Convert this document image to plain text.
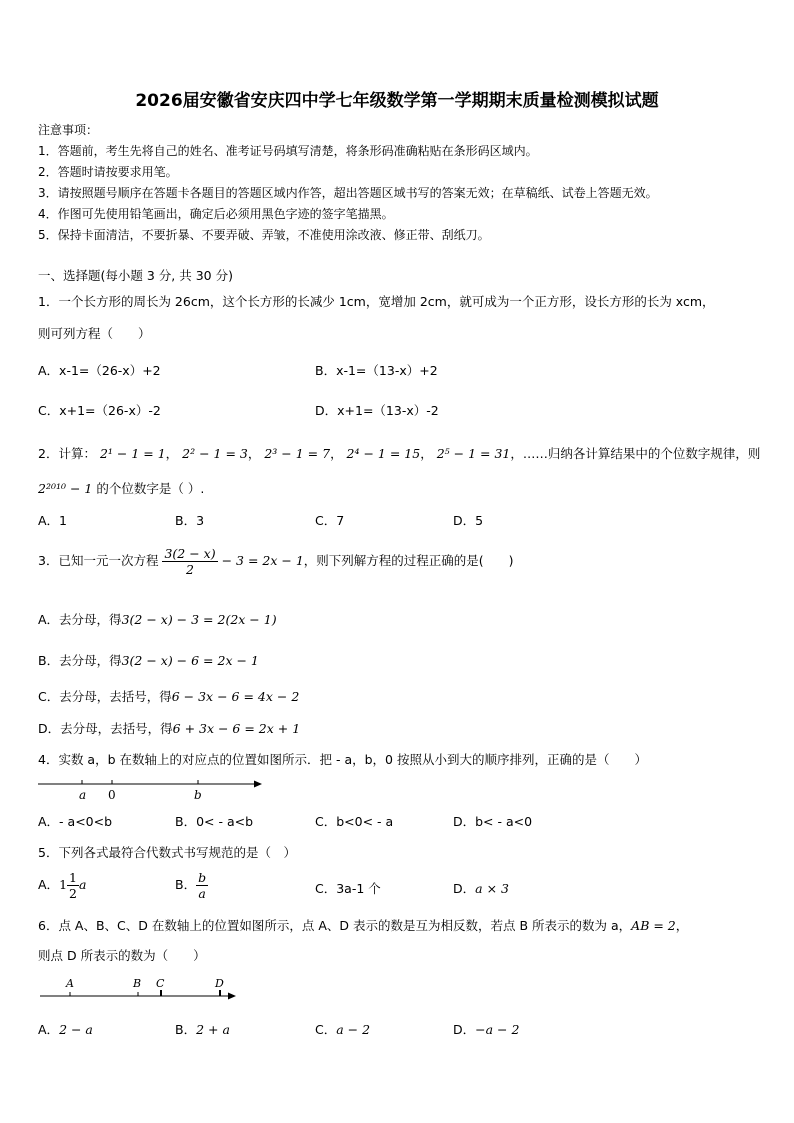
2026届安徽省安庆四中学七年级数学第一学期期末质量检测模拟试题
注意事项：
1．答题前，考生先将自己的姓名、准考证号码填写清楚，将条形码准确粘贴在条形码区域内。
2．答题时请按要求用笔。
3．请按照题号顺序在答题卡各题目的答题区域内作答，超出答题区域书写的答案无效；在草稿纸、试卷上答题无效。
4．作图可先使用铅笔画出，确定后必须用黑色字迹的签字笔描黑。
5．保持卡面清洁，不要折暴、不要弄破、弄皱，不准使用涂改液、修正带、刮纸刀。
一、选择题(每小题 3 分, 共 30 分)
1．一个长方形的周长为 26cm，这个长方形的长减少 1cm，宽增加 2cm，就可成为一个正方形，设长方形的长为 xcm，
则可列方程（　　）
A．x-1=（26-x）+2	B．x-1=（13-x）+2
C．x+1=（26-x）-2	D．x+1=（13-x）-2
2．计算： 2¹ − 1 = 1， 2² − 1 = 3， 2³ − 1 = 7， 2⁴ − 1 = 15， 2⁵ − 1 = 31，……归纳各计算结果中的个位数字规律，则
2²⁰¹⁰ − 1 的个位数字是（ ）.
A．1	B．3	C．7	D．5
3．已知一元一次方程 $\frac{3(2 - x)}{2} - 3 = 2x - 1$，则下列解方程的过程正确的是(　　)
A．去分母，得3(2 − x) − 3 = 2(2x − 1)
B．去分母，得3(2 − x) − 6 = 2x − 1
C．去分母，去括号，得6 − 3x − 6 = 4x − 2
D．去分母，去括号，得6 + 3x − 6 = 2x + 1
4．实数 a，b 在数轴上的对应点的位置如图所示．把 - a，b，0 按照从小到大的顺序排列，正确的是（　　）
a 0	b
A．- a<0<b	B．0< - a<b	C．b<0< - a	D．b< - a<0
5．下列各式最符合代数式书写规范的是（　）
A．$1 \frac{1}{2}$ a	B． $\frac{b}{a}$	C．3a-1 个	D．a × 3
6．点 A、B、C、D 在数轴上的位置如图所示，点 A、D 表示的数是互为相反数，若点 B 所表示的数为 a，AB = 2，
则点 D 所表示的数为（　　）
A	B C	D
A．2 − a	B．2 + a	C．a − 2	D．−a − 2
